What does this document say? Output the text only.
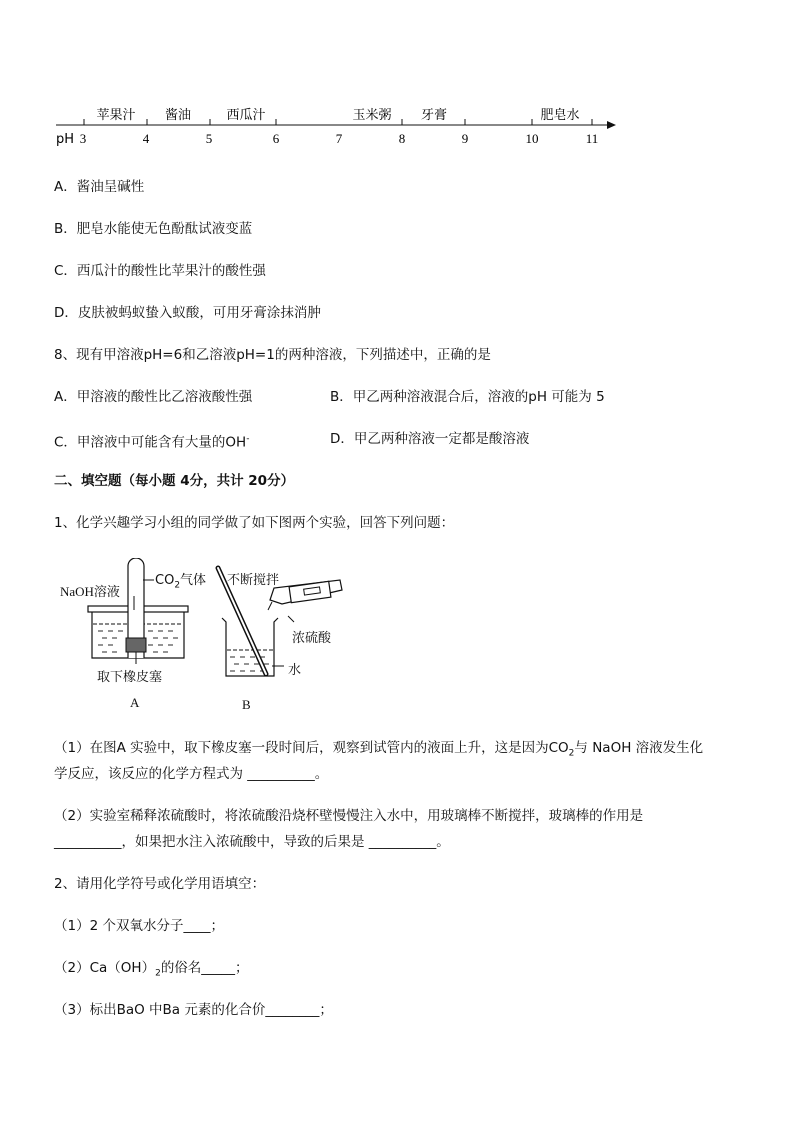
3	4	5	6	7	8	9	10	11
苹果汁 酱油	西瓜汁	玉米粥 牙膏	肥皂水
pH
A．酱油呈碱性
B．肥皂水能使无色酚酞试液变蓝
C．西瓜汁的酸性比苹果汁的酸性强
D．皮肤被蚂蚁蛰入蚁酸，可用牙膏涂抹消肿
8、现有甲溶液pH=6和乙溶液pH=1的两种溶液，下列描述中，正确的是
A．甲溶液的酸性比乙溶液酸性强	B．甲乙两种溶液混合后，溶液的pH 可能为 5
C．甲溶液中可能含有大量的OH-	D．甲乙两种溶液一定都是酸溶液
二、填空题（每小题 4分，共计 20分）
1、化学兴趣学习小组的同学做了如下图两个实验，回答下列问题：
NaOH溶液
$CO_2$气体
取下橡皮塞
A
不断搅拌
浓硫酸
水
B
（1）在图A 实验中，取下橡皮塞一段时间后，观察到试管内的液面上升，这是因为$CO_2$与 NaOH 溶液发生化
学反应，该反应的化学方程式为 __________。
（2）实验室稀释浓硫酸时，将浓硫酸沿烧杯壁慢慢注入水中，用玻璃棒不断搅拌，玻璃棒的作用是
__________，如果把水注入浓硫酸中，导致的后果是 __________。
2、请用化学符号或化学用语填空：
（1）2 个双氧水分子____；
$(2)Ca(OH)_2$的俗名_____；
（3）标出BaO 中Ba 元素的化合价________；
